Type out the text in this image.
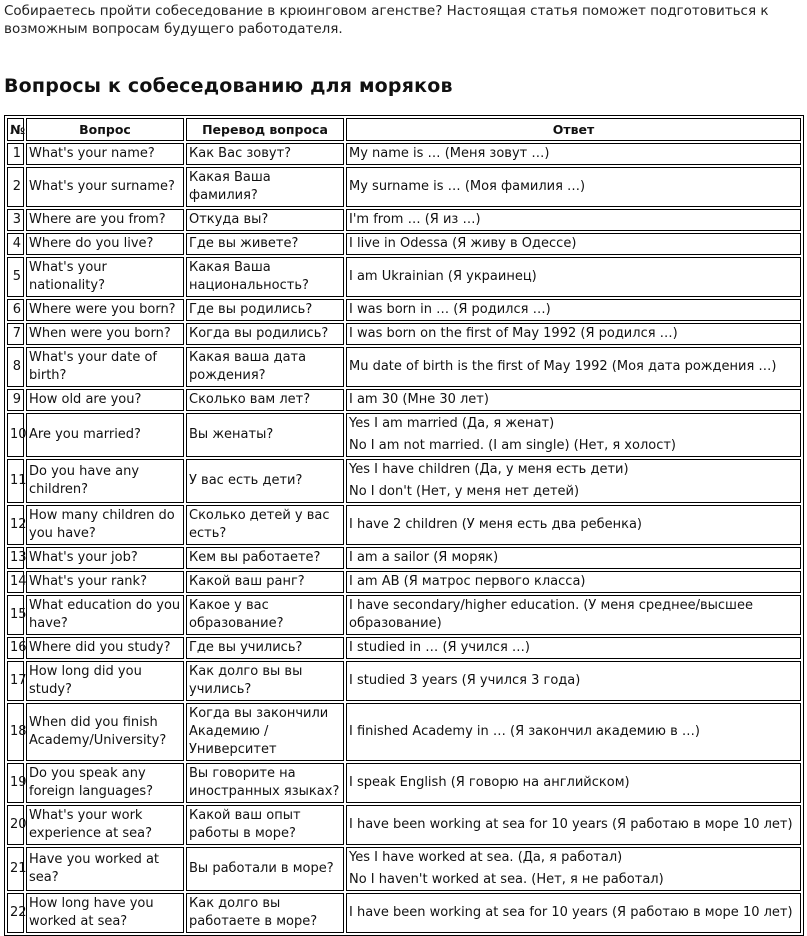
Собираетесь пройти собеседование в крюинговом агенстве? Настоящая статья поможет подготовиться к возможным вопросам будущего работодателя.

Вопросы к собеседованию для моряков
№	Вопрос	Перевод вопроса	Ответ
1	What's your name?	Как Вас зовут?	My name is … (Меня зовут …)

2	What's your surname?	Какая Ваша фамилия?	My surname is … (Моя фамилия …)

3	Where are you from?	Откуда вы?	I'm from … (Я из …)

4	Where do you live?	Где вы живете?	I live in Odessa (Я живу в Одессе)

5	What's your nationality?	Какая Ваша национальность?	I am Ukrainian (Я украинец)

6	Where were you born?	Где вы родились?	I was born in … (Я родился …)

7	When were you born?	Когда вы родились?	I was born on the first of May 1992 (Я родился …)

8	What's your date of birth?	Какая ваша дата рождения?	Mu date of birth is the first of May 1992 (Моя дата рождения …)

9	How old are you?	Сколько вам лет?	I am 30 (Мне 30 лет)

10	Are you married?	Вы женаты?	Yes I am married (Да, я женат)
No I am not married. (I am single) (Нет, я холост)

11	Do you have any children?	У вас есть дети?	Yes I have children (Да, у меня есть дети)
No I don't (Нет, у меня нет детей)

12	How many children do you have?	Сколько детей у вас есть?	I have 2 children (У меня есть два ребенка)

13	What's your job?	Кем вы работаете?	I am a sailor (Я моряк)

14	What's your rank?	Какой ваш ранг?	I am AB (Я матрос первого класса)

15	What education do you have?	Какое у вас образование?	I have secondary/higher education. (У меня среднее/высшее образование)

16	Where did you study?	Где вы учились?	I studied in … (Я учился …)

17	How long did you study?	Как долго вы вы учились?	I studied 3 years (Я учился 3 года)

18	When did you finish Academy/University?	Когда вы закончили Академию / Университет	I finished Academy in … (Я закончил академию в …)

19	Do you speak any foreign languages?	Вы говорите на иностранных языках?	I speak English (Я говорю на английском)

20	What's your work experience at sea?	Какой ваш опыт работы в море?	I have been working at sea for 10 years (Я работаю в море 10 лет)

21	Have you worked at sea?	Вы работали в море?	Yes I have worked at sea. (Да, я работал)
No I haven't worked at sea. (Нет, я не работал)

22	How long have you worked at sea?	Как долго вы работаете в море?	I have been working at sea for 10 years (Я работаю в море 10 лет)
